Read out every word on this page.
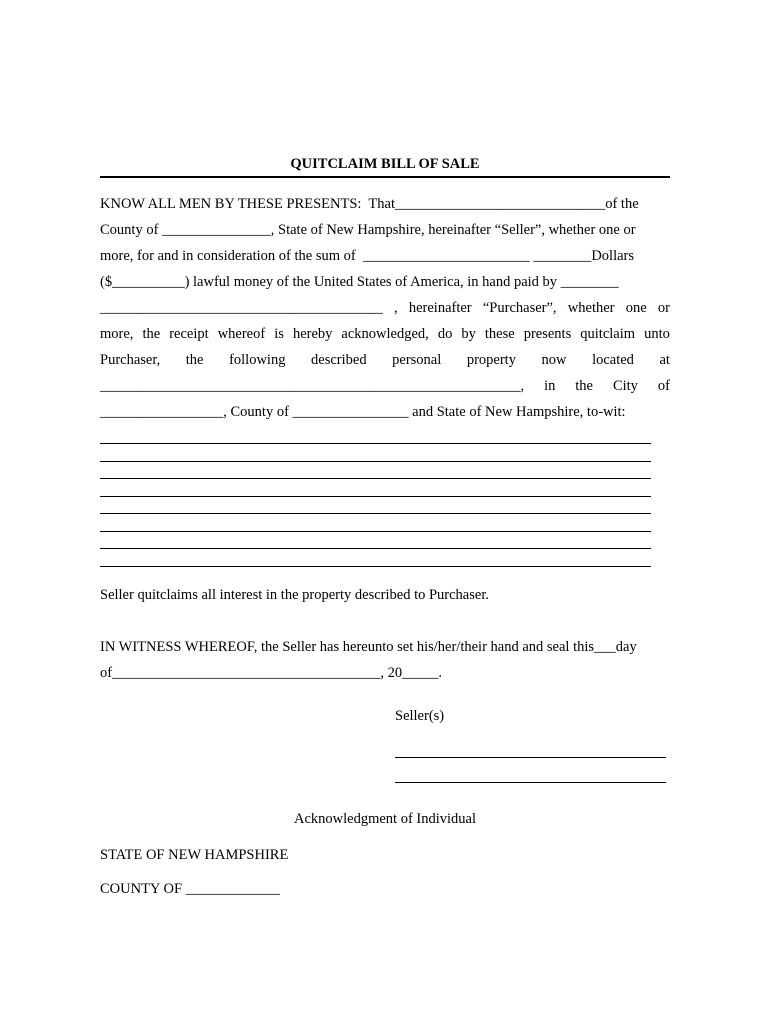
QUITCLAIM BILL OF SALE
KNOW ALL MEN BY THESE PRESENTS:  That_____________________________of the
County of _______________, State of New Hampshire, hereinafter “Seller”, whether one or
more, for and in consideration of the sum of  _______________________ ________Dollars
($__________) lawful money of the United States of America, in hand paid by ________
_______________________________________ , hereinafter “Purchaser”, whether one or
more, the receipt whereof is hereby acknowledged, do by these presents quitclaim unto
Purchaser, the following described personal property now located at
__________________________________________________________, in the City of
_________________, County of ________________ and State of New Hampshire, to-wit:
Seller quitclaims all interest in the property described to Purchaser.
IN WITNESS WHEREOF, the Seller has hereunto set his/her/their hand and seal this___day
of_____________________________________, 20_____.
Seller(s)
Acknowledgment of Individual
STATE OF NEW HAMPSHIRE
COUNTY OF _____________
